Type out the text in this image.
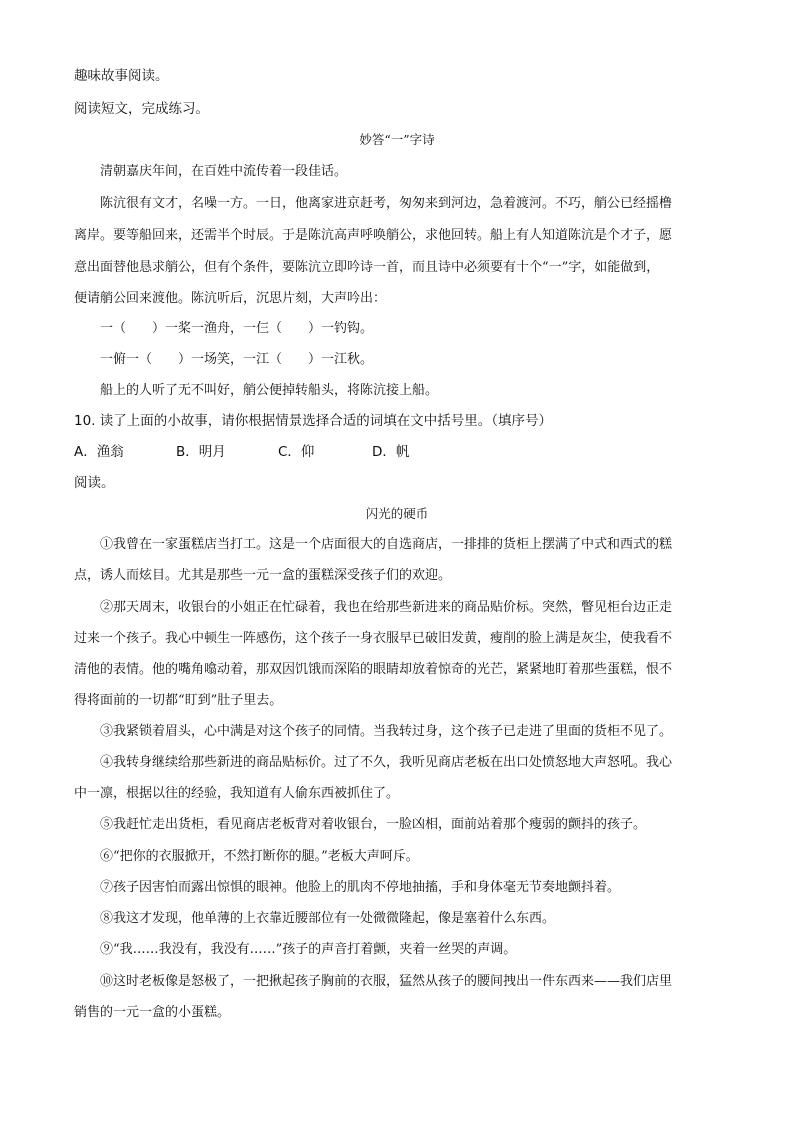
趣味故事阅读。
阅读短文，完成练习。
妙答“一”字诗
清朝嘉庆年间，在百姓中流传着一段佳话。
陈沆很有文才，名噪一方。一日，他离家进京赶考，匆匆来到河边，急着渡河。不巧，艄公已经摇橹
离岸。要等船回来，还需半个时辰。于是陈沆高声呼唤艄公，求他回转。船上有人知道陈沆是个才子，愿
意出面替他恳求艄公，但有个条件，要陈沆立即吟诗一首，而且诗中必须要有十个“一”字，如能做到，
便请艄公回来渡他。陈沆听后，沉思片刻，大声吟出：
一（　　）一桨一渔舟，一仨（　　）一钓钩。
一俯一（　　）一场笑，一江（　　）一江秋。
船上的人听了无不叫好，艄公便掉转船头，将陈沆接上船。
10. 读了上面的小故事，请你根据情景选择合适的词填在文中括号里。（填序号）
A．渔翁	B．明月	C．仰	D．帆
阅读。
闪光的硬币
①我曾在一家蛋糕店当打工。这是一个店面很大的自选商店，一排排的货柜上摆满了中式和西式的糕
点，诱人而炫目。尤其是那些一元一盒的蛋糕深受孩子们的欢迎。
②那天周末，收银台的小姐正在忙碌着，我也在给那些新进来的商品贴价标。突然，瞥见柜台边正走
过来一个孩子。我心中顿生一阵感伤，这个孩子一身衣服早已破旧发黄，瘦削的脸上满是灰尘，使我看不
清他的表情。他的嘴角噏动着，那双因饥饿而深陷的眼睛却放着惊奇的光芒，紧紧地盯着那些蛋糕，恨不
得将面前的一切都“盯到”肚子里去。
③我紧锁着眉头，心中满是对这个孩子的同情。当我转过身，这个孩子已走进了里面的货柜不见了。
④我转身继续给那些新进的商品贴标价。过了不久，我听见商店老板在出口处愤怒地大声怒吼。我心
中一凛，根据以往的经验，我知道有人偷东西被抓住了。
⑤我赶忙走出货柜，看见商店老板背对着收银台，一脸凶相，面前站着那个瘦弱的颤抖的孩子。
⑥“把你的衣服掀开，不然打断你的腿。”老板大声呵斥。
⑦孩子因害怕而露出惊惧的眼神。他脸上的肌肉不停地抽搐，手和身体毫无节奏地颤抖着。
⑧我这才发现，他单薄的上衣靠近腰部位有一处微微隆起，像是塞着什么东西。
⑨“我……我没有，我没有……”孩子的声音打着颤，夹着一丝哭的声调。
⑩这时老板像是怒极了，一把揪起孩子胸前的衣服，猛然从孩子的腰间拽出一件东西来——我们店里
销售的一元一盒的小蛋糕。
